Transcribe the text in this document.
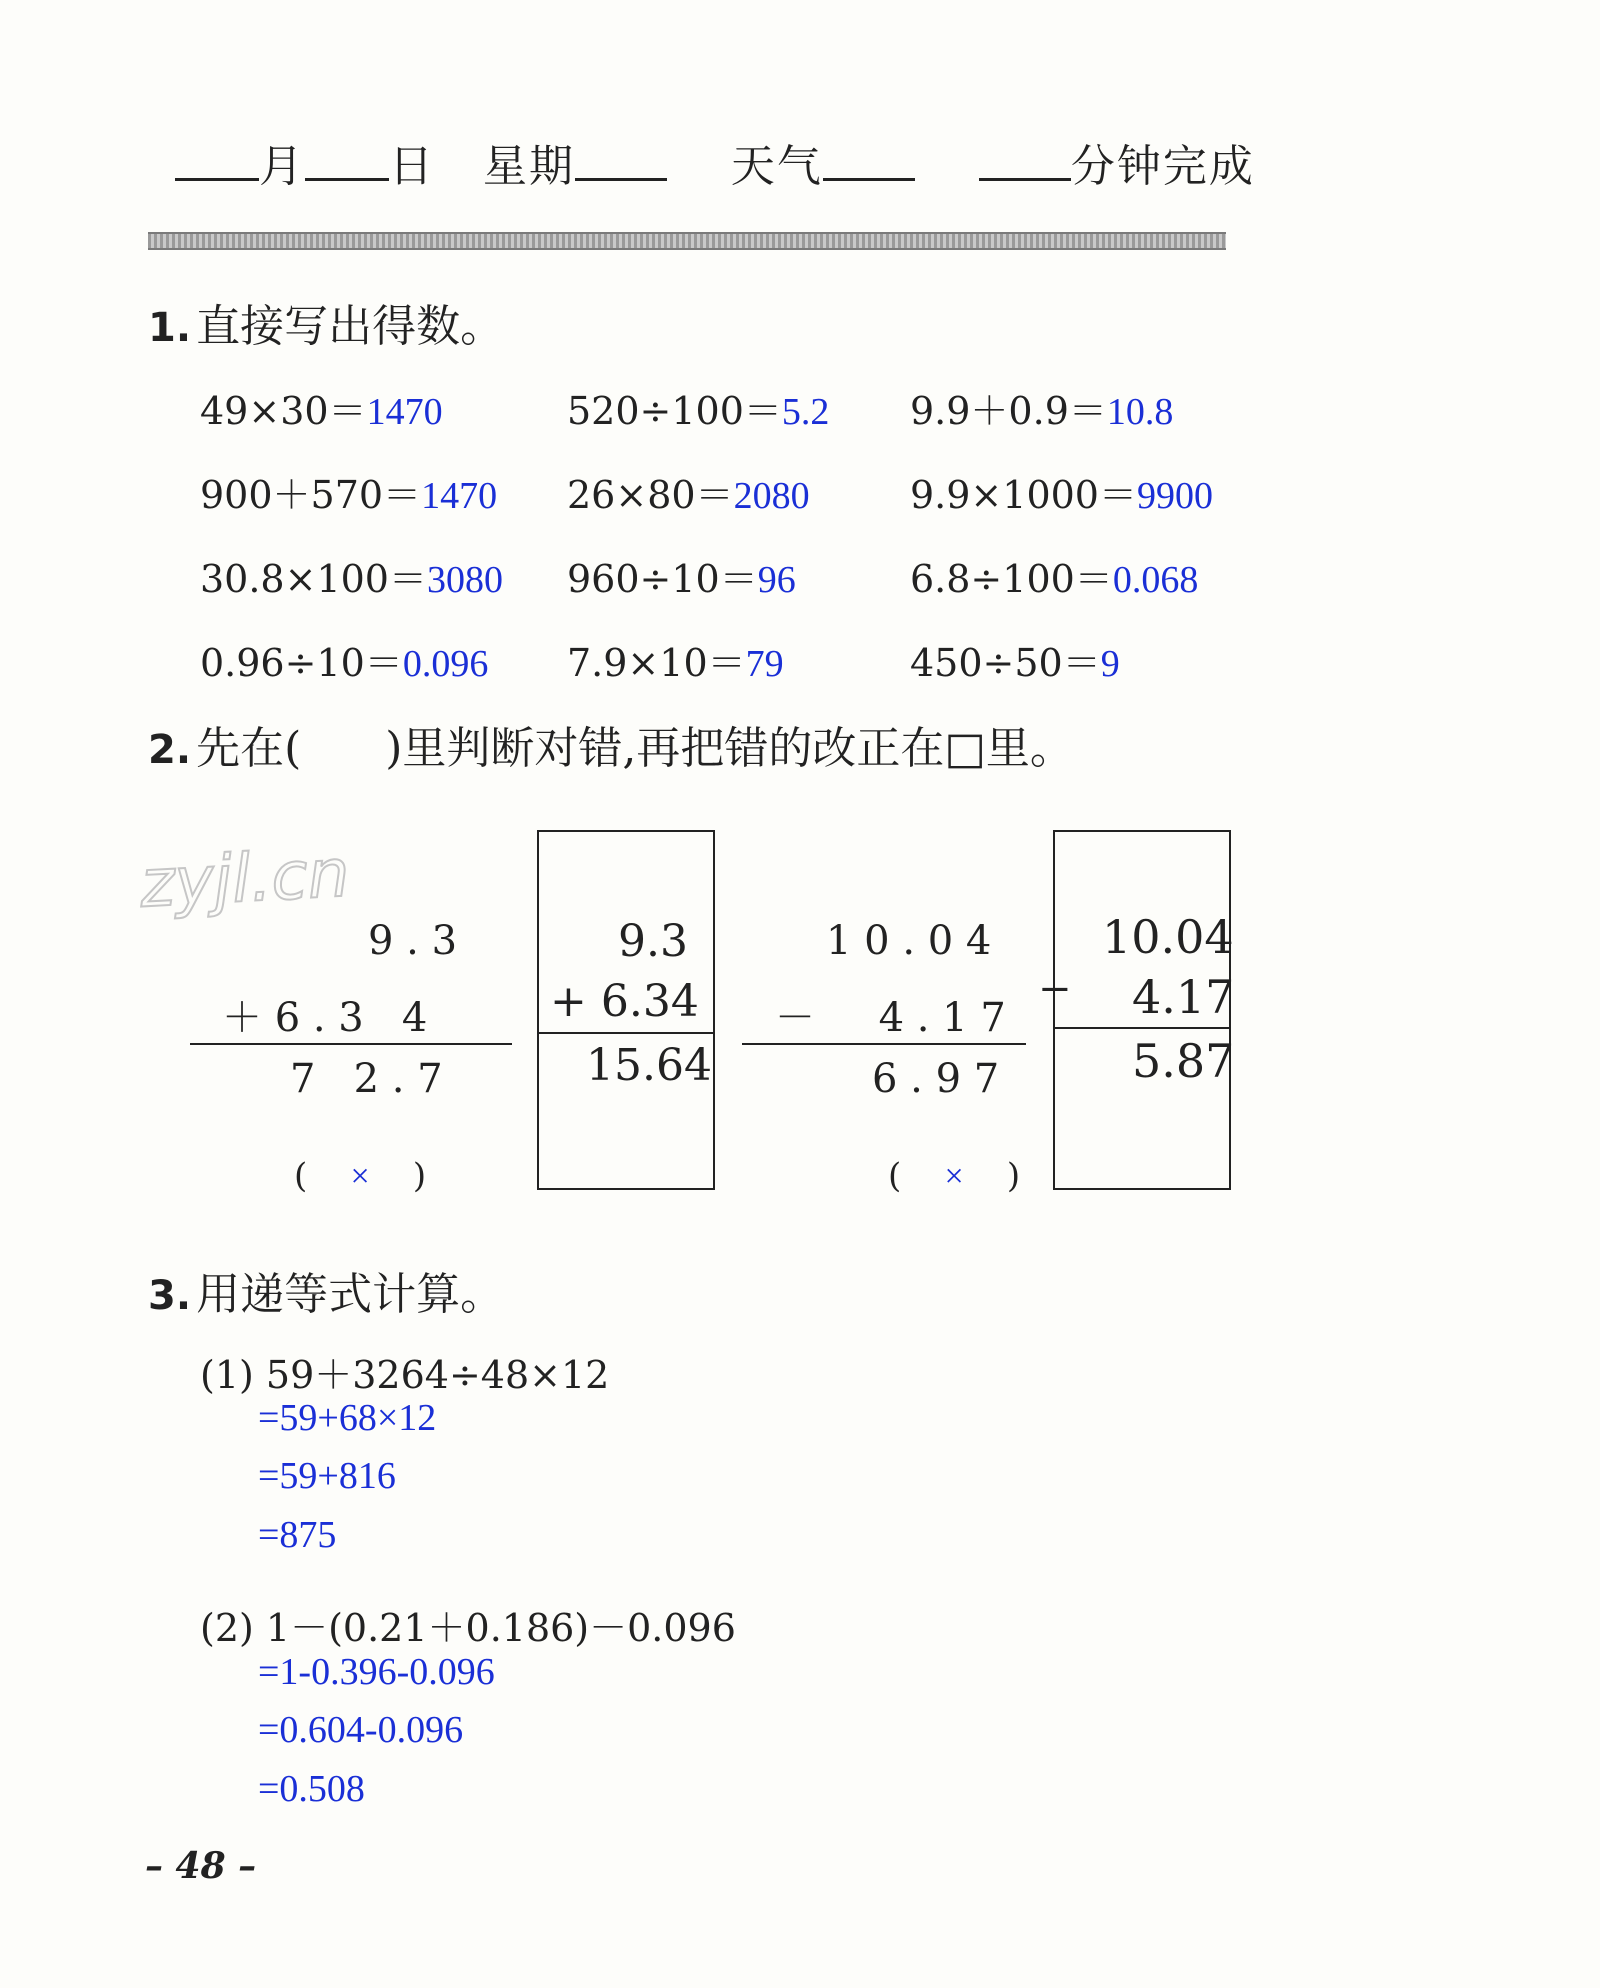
月 日 星期	天气	分钟完成
1. 直接写出得数。
49×30＝1470	520÷100＝5.2 9.9＋0.9＝10.8
900＋570＝1470 26×80＝2080	9.9×1000＝9900
30.8×100＝3080 960÷10＝96	6.8÷100＝0.068
0.96÷10＝0.096 7.9×10＝79	450÷50＝9
2. 先在(      )里判断对错,再把错的改正在□里。
zyjl.cn
9 . 3
＋ 6 . 3   4
7   2 . 7
( × )
9.3
+ 6.34
15.64
1 0 . 0 4
－     4 . 1 7
6 . 9 7
( × )
10.04
− 4.17
5.87
3. 用递等式计算。
(1) 59＋3264÷48×12
=59+68×12
=59+816
=875
(2) 1－(0.21＋0.186)－0.096
=1-0.396-0.096
=0.604-0.096
=0.508
– 48 –
